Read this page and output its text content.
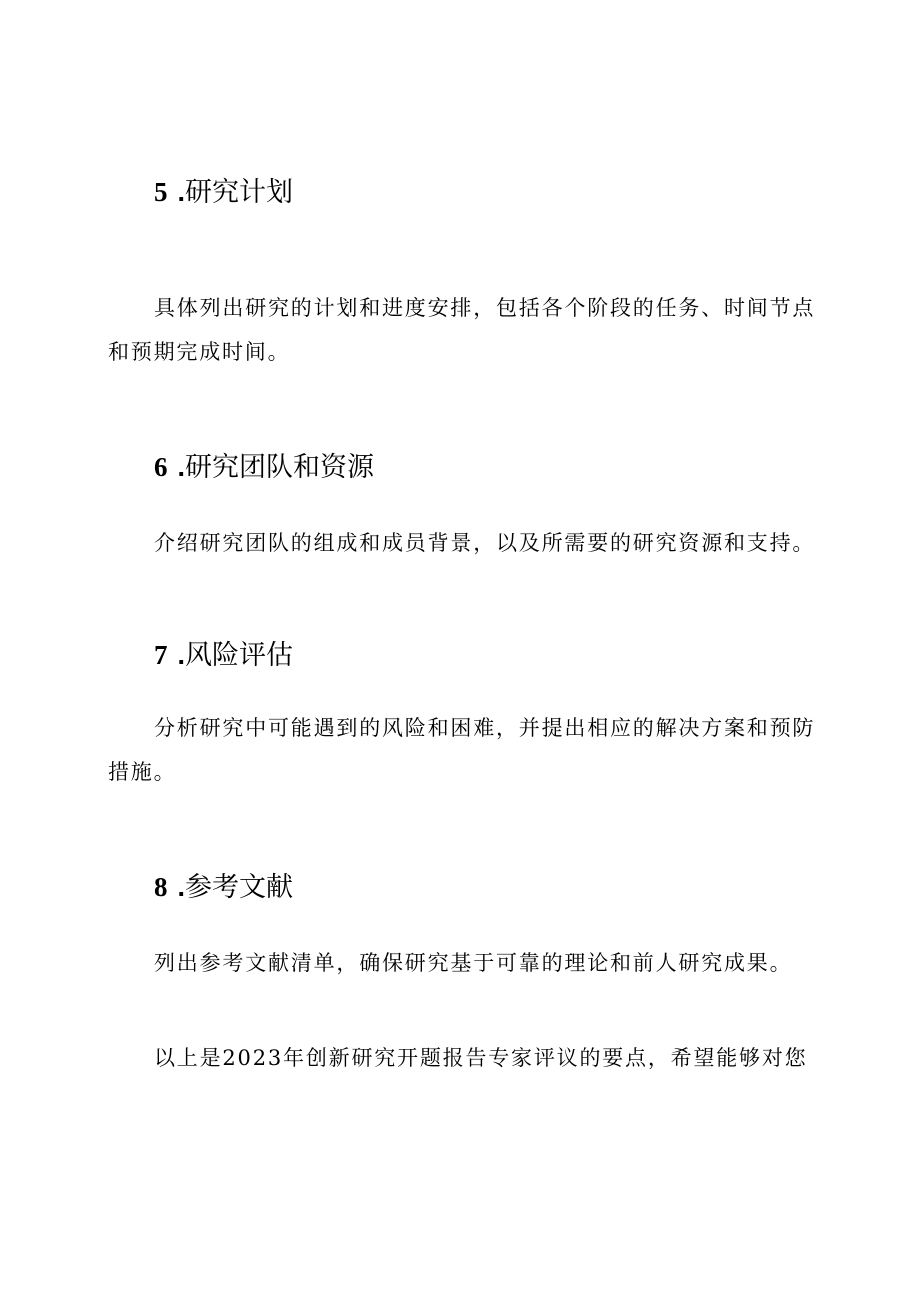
5 .研究计划
具体列出研究的计划和进度安排，包括各个阶段的任务、时间节点
和预期完成时间。
6 .研究团队和资源
介绍研究团队的组成和成员背景，以及所需要的研究资源和支持。
7 .风险评估
分析研究中可能遇到的风险和困难，并提出相应的解决方案和预防
措施。
8 .参考文献
列出参考文献清单，确保研究基于可靠的理论和前人研究成果。
以上是2023年创新研究开题报告专家评议的要点，希望能够对您
